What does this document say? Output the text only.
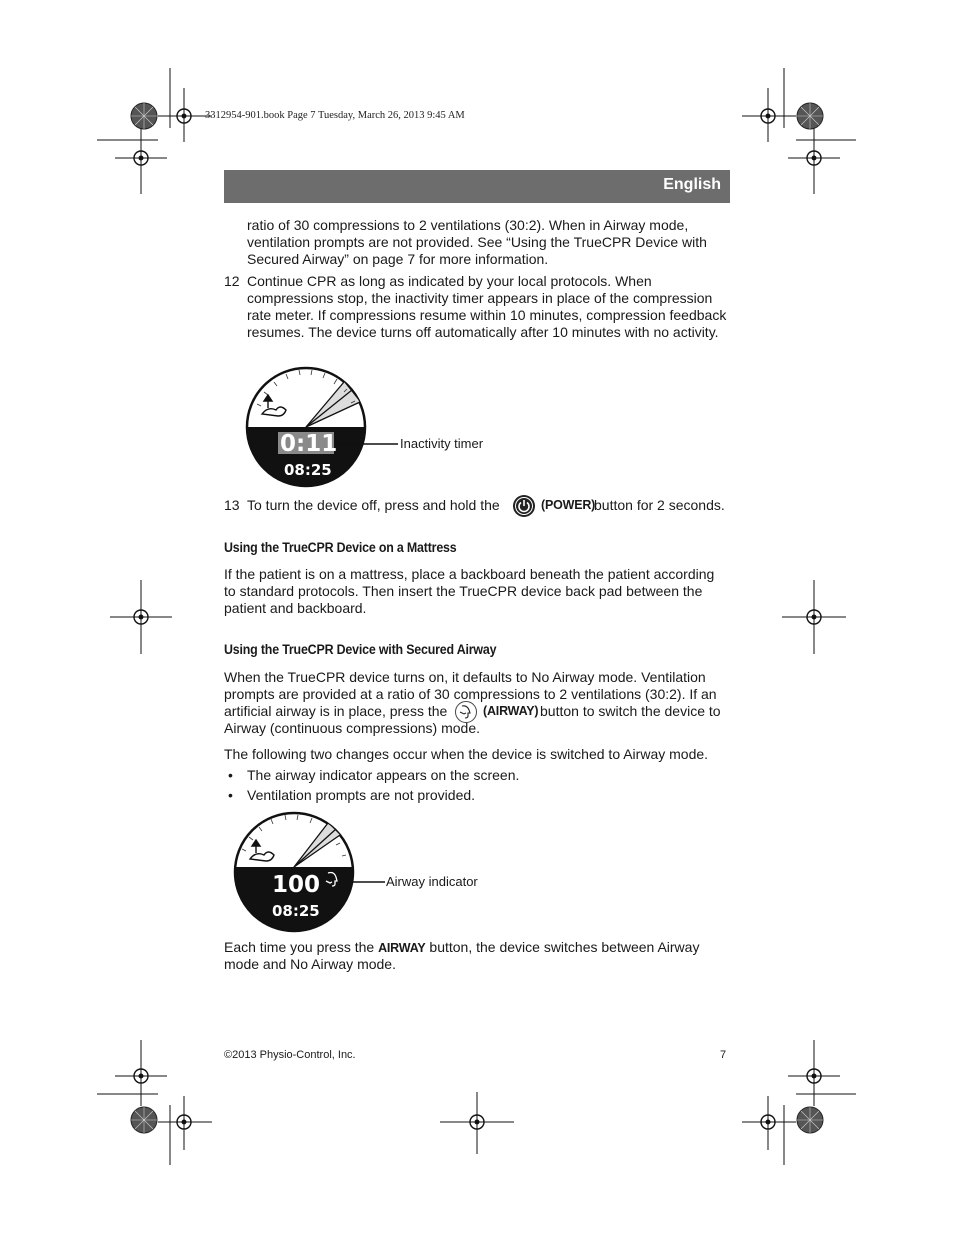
3312954-901.book Page 7 Tuesday, March 26, 2013 9:45 AM
English
ratio of 30 compressions to 2 ventilations (30:2). When in Airway mode, ventilation prompts are not provided. See “Using the TrueCPR Device with Secured Airway” on page 7 for more information.
12 Continue CPR as long as indicated by your local protocols. When compressions stop, the inactivity timer appears in place of the compression rate meter. If compressions resume within 10 minutes, compression feedback resumes. The device turns off automatically after 10 minutes with no activity.
0:11
08:25
Inactivity timer
13 To turn the device off, press and hold the	(POWER)
button for 2 seconds.
Using the TrueCPR Device on a Mattress
If the patient is on a mattress, place a backboard beneath the patient according to standard protocols. Then insert the TrueCPR device back pad between the patient and backboard.
Using the TrueCPR Device with Secured Airway
When the TrueCPR device turns on, it defaults to No Airway mode. Ventilation
prompts are provided at a ratio of 30 compressions to 2 ventilations (30:2). If an
artificial airway is in place, press the	(AIRWAY) button to switch the device to
Airway (continuous compressions) mode.
The following two changes occur when the device is switched to Airway mode.
• The airway indicator appears on the screen.
• Ventilation prompts are not provided.
100
08:25
Airway indicator
Each time you press the AIRWAY button, the device switches between Airway
mode and No Airway mode.
©2013 Physio-Control, Inc.	7
